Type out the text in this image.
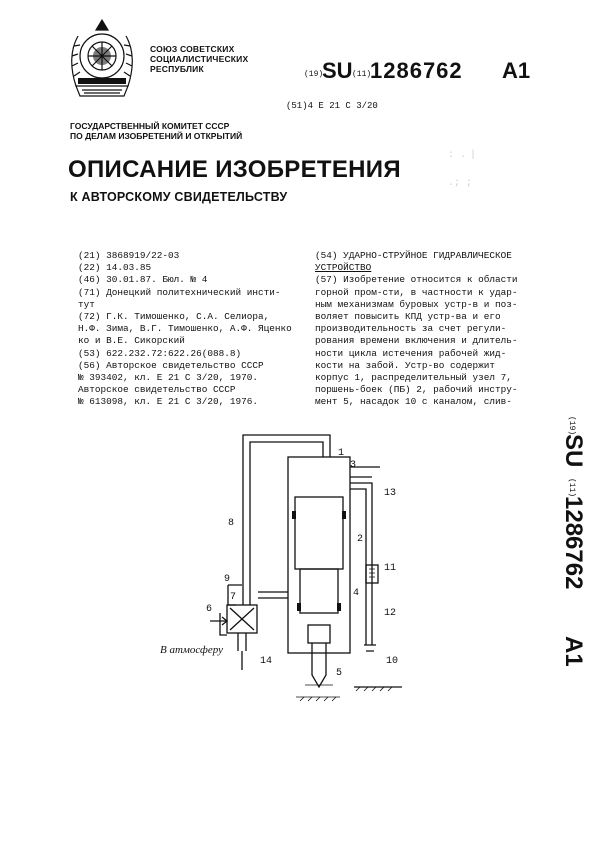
СОЮЗ СОВЕТСКИХ
СОЦИАЛИСТИЧЕСКИХ
РЕСПУБЛИК
(19)
SU (11)
1286762 A1
(51)4 E 21 C 3/20
ГОСУДАРСТВЕННЫЙ КОМИТЕТ СССР
ПО ДЕЛАМ ИЗОБРЕТЕНИЙ И ОТКРЫТИЙ
ОПИСАНИЕ ИЗОБРЕТЕНИЯ
К АВТОРСКОМУ СВИДЕТЕЛЬСТВУ
: .  |
.; ;
(21) 3868919/22-03
(22) 14.03.85
(46) 30.01.87. Бюл. № 4
(71) Донецкий политехнический инсти-
тут
(72) Г.К. Тимошенко, С.А. Селиора,
Н.Ф. Зима, В.Г. Тимошенко, А.Ф. Яценко
ко и В.Е. Сикорский
(53) 622.232.72:622.26(088.8)
(56) Авторское свидетельство СССР
№ 393402, кл. Е 21 С 3/20, 1970.
Авторское свидетельство СССР
№ 613098, кл. Е 21 С 3/20, 1976.
(54) УДАРНО-СТРУЙНОЕ ГИДРАВЛИЧЕСКОЕ
УСТРОЙСТВО
(57) Изобретение относится к области
горной пром-сти, в частности к удар-
ным механизмам буровых устр-в и поз-
воляет повысить КПД устр-ва и его
производительность за счет регули-
рования времени включения и длитель-
ности цикла истечения рабочей жид-
кости на забой. Устр-во содержит
корпус 1, распределительный узел 7,
поршень-боек (ПБ) 2, рабочий инстру-
мент 5, насадок 10 с каналом, слив-
1
2
3
4
5
6
7
8
9
10
11
12
13
14
В атмосферу
(19)
SU
(11)
1286762
A1
